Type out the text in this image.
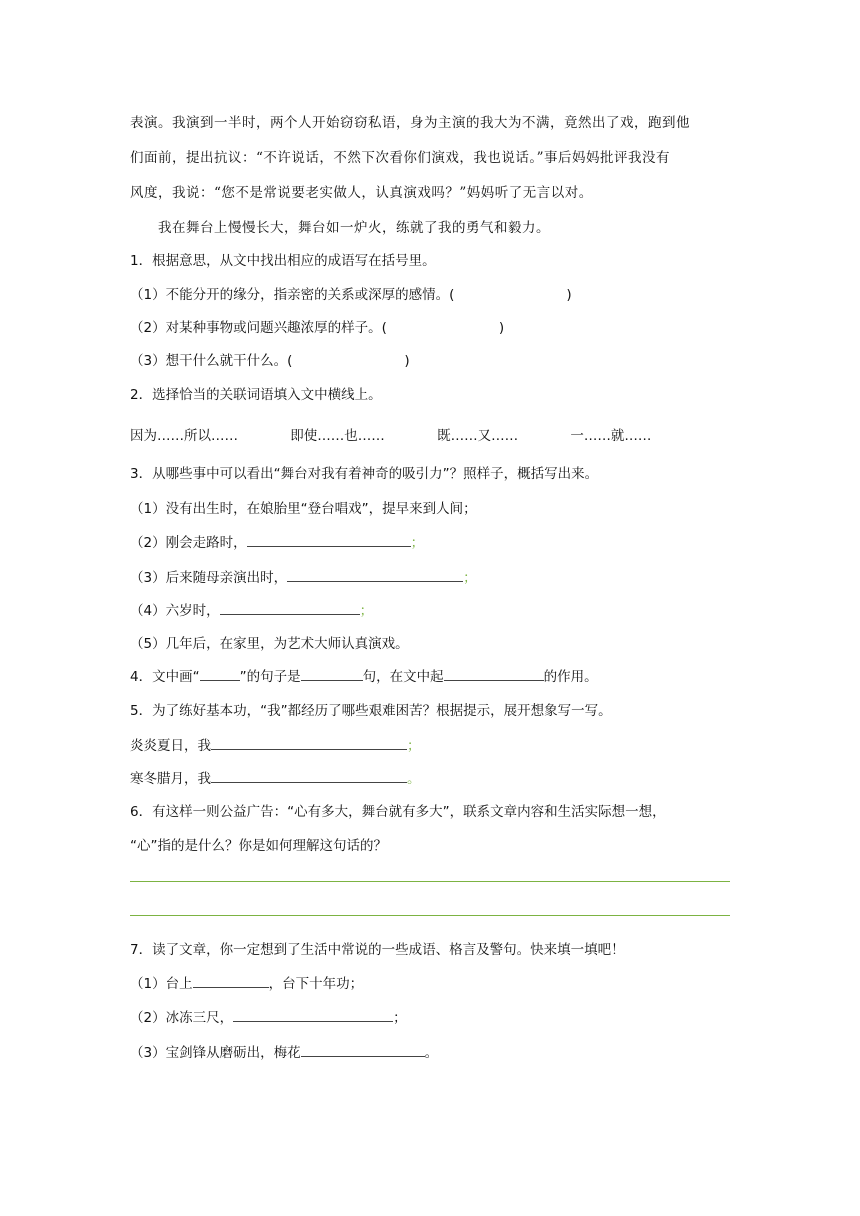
表演。我演到一半时，两个人开始窃窃私语，身为主演的我大为不满，竟然出了戏，跑到他
们面前，提出抗议：“不许说话，不然下次看你们演戏，我也说话。”事后妈妈批评我没有
风度，我说：“您不是常说要老实做人，认真演戏吗？”妈妈听了无言以对。
我在舞台上慢慢长大，舞台如一炉火，练就了我的勇气和毅力。
1．根据意思，从文中找出相应的成语写在括号里。
（1）不能分开的缘分，指亲密的关系或深厚的感情。(	)
（2）对某种事物或问题兴趣浓厚的样子。(	)
（3）想干什么就干什么。(	)
2．选择恰当的关联词语填入文中横线上。
因为……所以……	即使……也……	既……又……	一……就……
3．从哪些事中可以看出“舞台对我有着神奇的吸引力”？照样子，概括写出来。
（1）没有出生时，在娘胎里“登台唱戏”，提早来到人间；
（2）刚会走路时，	；
（3）后来随母亲演出时，	；
（4）六岁时，	；
（5）几年后，在家里，为艺术大师认真演戏。
4．文中画“	”的句子是	句，在文中起	的作用。
5．为了练好基本功，“我”都经历了哪些艰难困苦？根据提示，展开想象写一写。
炎炎夏日，我	；
寒冬腊月，我	。
6．有这样一则公益广告：“心有多大，舞台就有多大”，联系文章内容和生活实际想一想，
“心”指的是什么？你是如何理解这句话的？
7．读了文章，你一定想到了生活中常说的一些成语、格言及警句。快来填一填吧！
（1）台上	，台下十年功；
（2）冰冻三尺，	；
（3）宝剑锋从磨砺出，梅花	。
